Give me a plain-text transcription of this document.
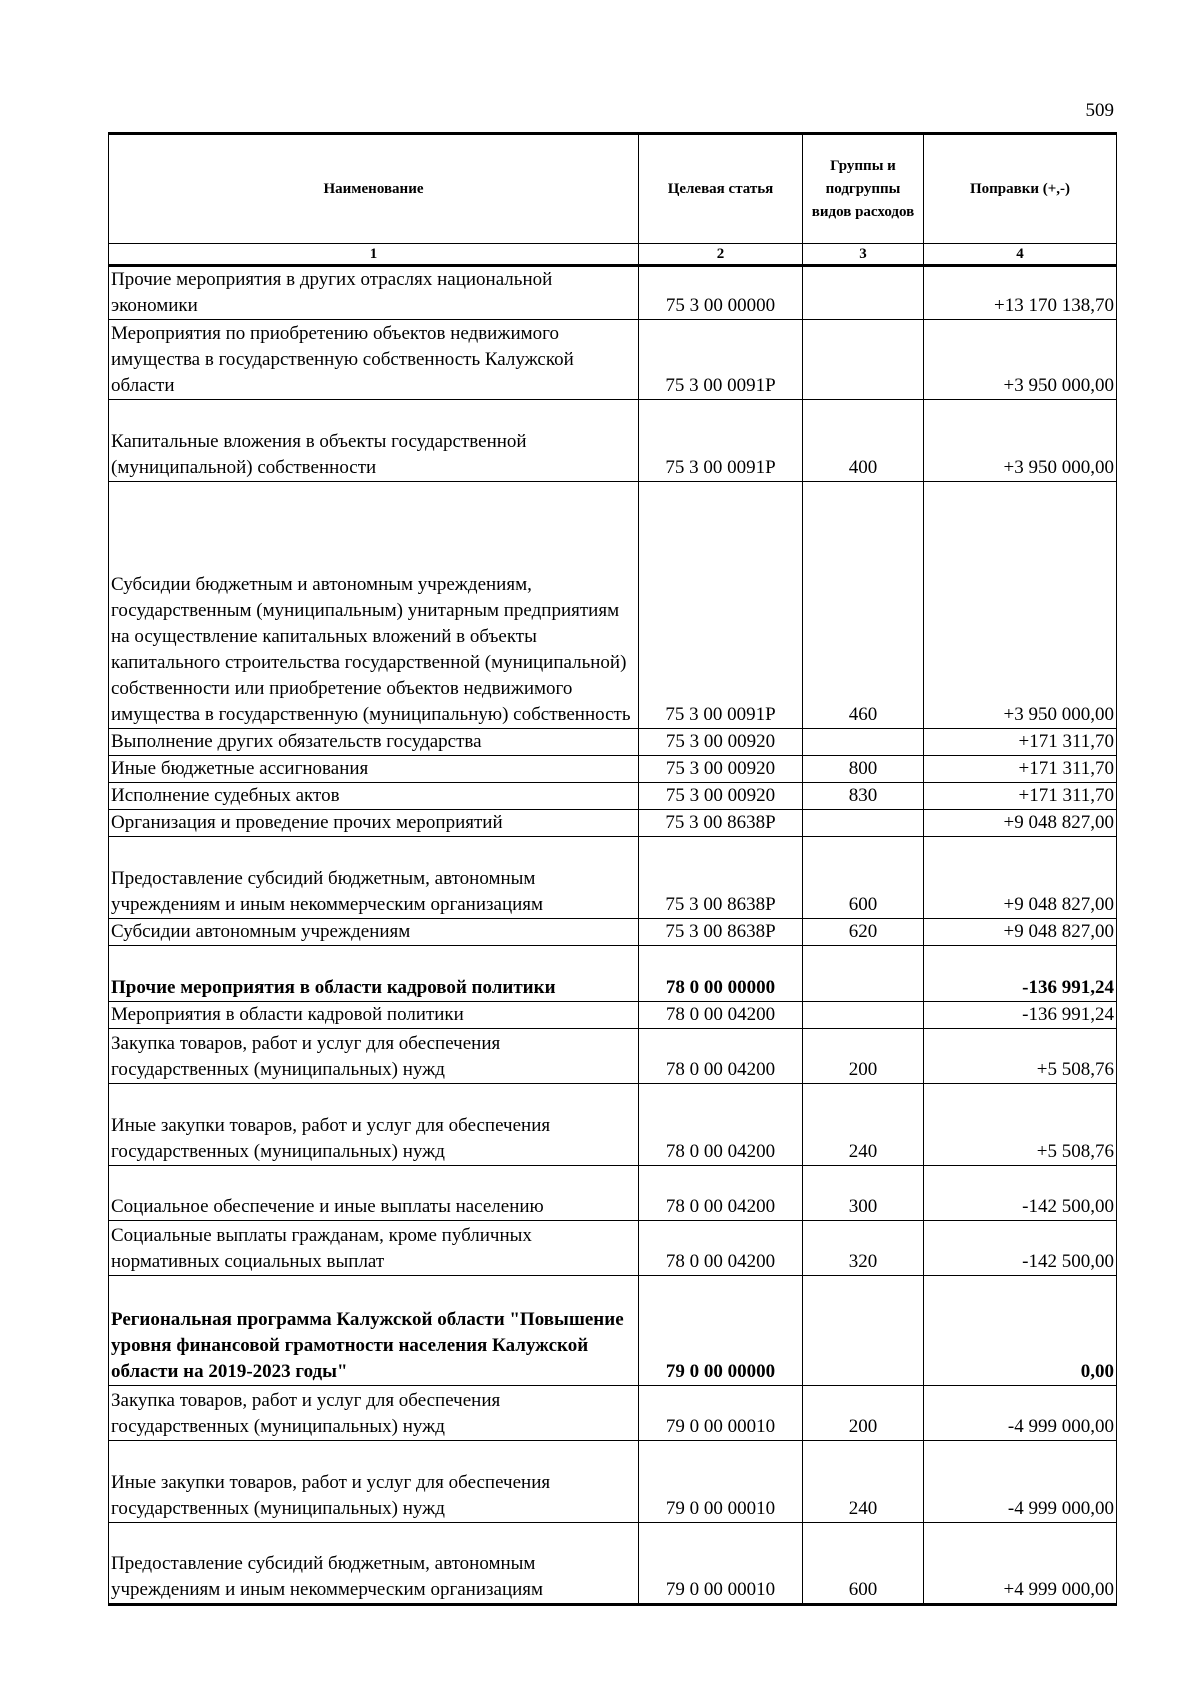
509
Наименование	Целевая статья	Группы и подгруппы видов расходов	Поправки (+,-)
1	2	3	4
Прочие мероприятия в других отраслях национальной экономики	75 3 00 00000		+13 170 138,70
Мероприятия по приобретению объектов недвижимого имущества в государственную собственность Калужской области	75 3 00 0091Р		+3 950 000,00
Капитальные вложения в объекты государственной (муниципальной) собственности	75 3 00 0091Р	400	+3 950 000,00
Субсидии бюджетным и автономным учреждениям, государственным (муниципальным) унитарным предприятиям на осуществление капитальных вложений в объекты капитального строительства государственной (муниципальной) собственности или приобретение объектов недвижимого имущества в государственную (муниципальную) собственность	75 3 00 0091Р	460	+3 950 000,00
Выполнение других обязательств государства	75 3 00 00920		+171 311,70
Иные бюджетные ассигнования	75 3 00 00920	800	+171 311,70
Исполнение судебных актов	75 3 00 00920	830	+171 311,70
Организация и проведение прочих мероприятий	75 3 00 8638Р		+9 048 827,00
Предоставление субсидий бюджетным, автономным учреждениям и иным некоммерческим организациям	75 3 00 8638Р	600	+9 048 827,00
Субсидии автономным учреждениям	75 3 00 8638Р	620	+9 048 827,00
Прочие мероприятия в области кадровой политики	78 0 00 00000		-136 991,24
Мероприятия в области кадровой политики	78 0 00 04200		-136 991,24
Закупка товаров, работ и услуг для обеспечения государственных (муниципальных) нужд	78 0 00 04200	200	+5 508,76
Иные закупки товаров, работ и услуг для обеспечения государственных (муниципальных) нужд	78 0 00 04200	240	+5 508,76
Социальное обеспечение и иные выплаты населению	78 0 00 04200	300	-142 500,00
Социальные выплаты гражданам, кроме публичных нормативных социальных выплат	78 0 00 04200	320	-142 500,00
Региональная программа Калужской области "Повышение уровня финансовой грамотности населения Калужской области на 2019-2023 годы"	79 0 00 00000		0,00
Закупка товаров, работ и услуг для обеспечения государственных (муниципальных) нужд	79 0 00 00010	200	-4 999 000,00
Иные закупки товаров, работ и услуг для обеспечения государственных (муниципальных) нужд	79 0 00 00010	240	-4 999 000,00
Предоставление субсидий бюджетным, автономным учреждениям и иным некоммерческим организациям	79 0 00 00010	600	+4 999 000,00
